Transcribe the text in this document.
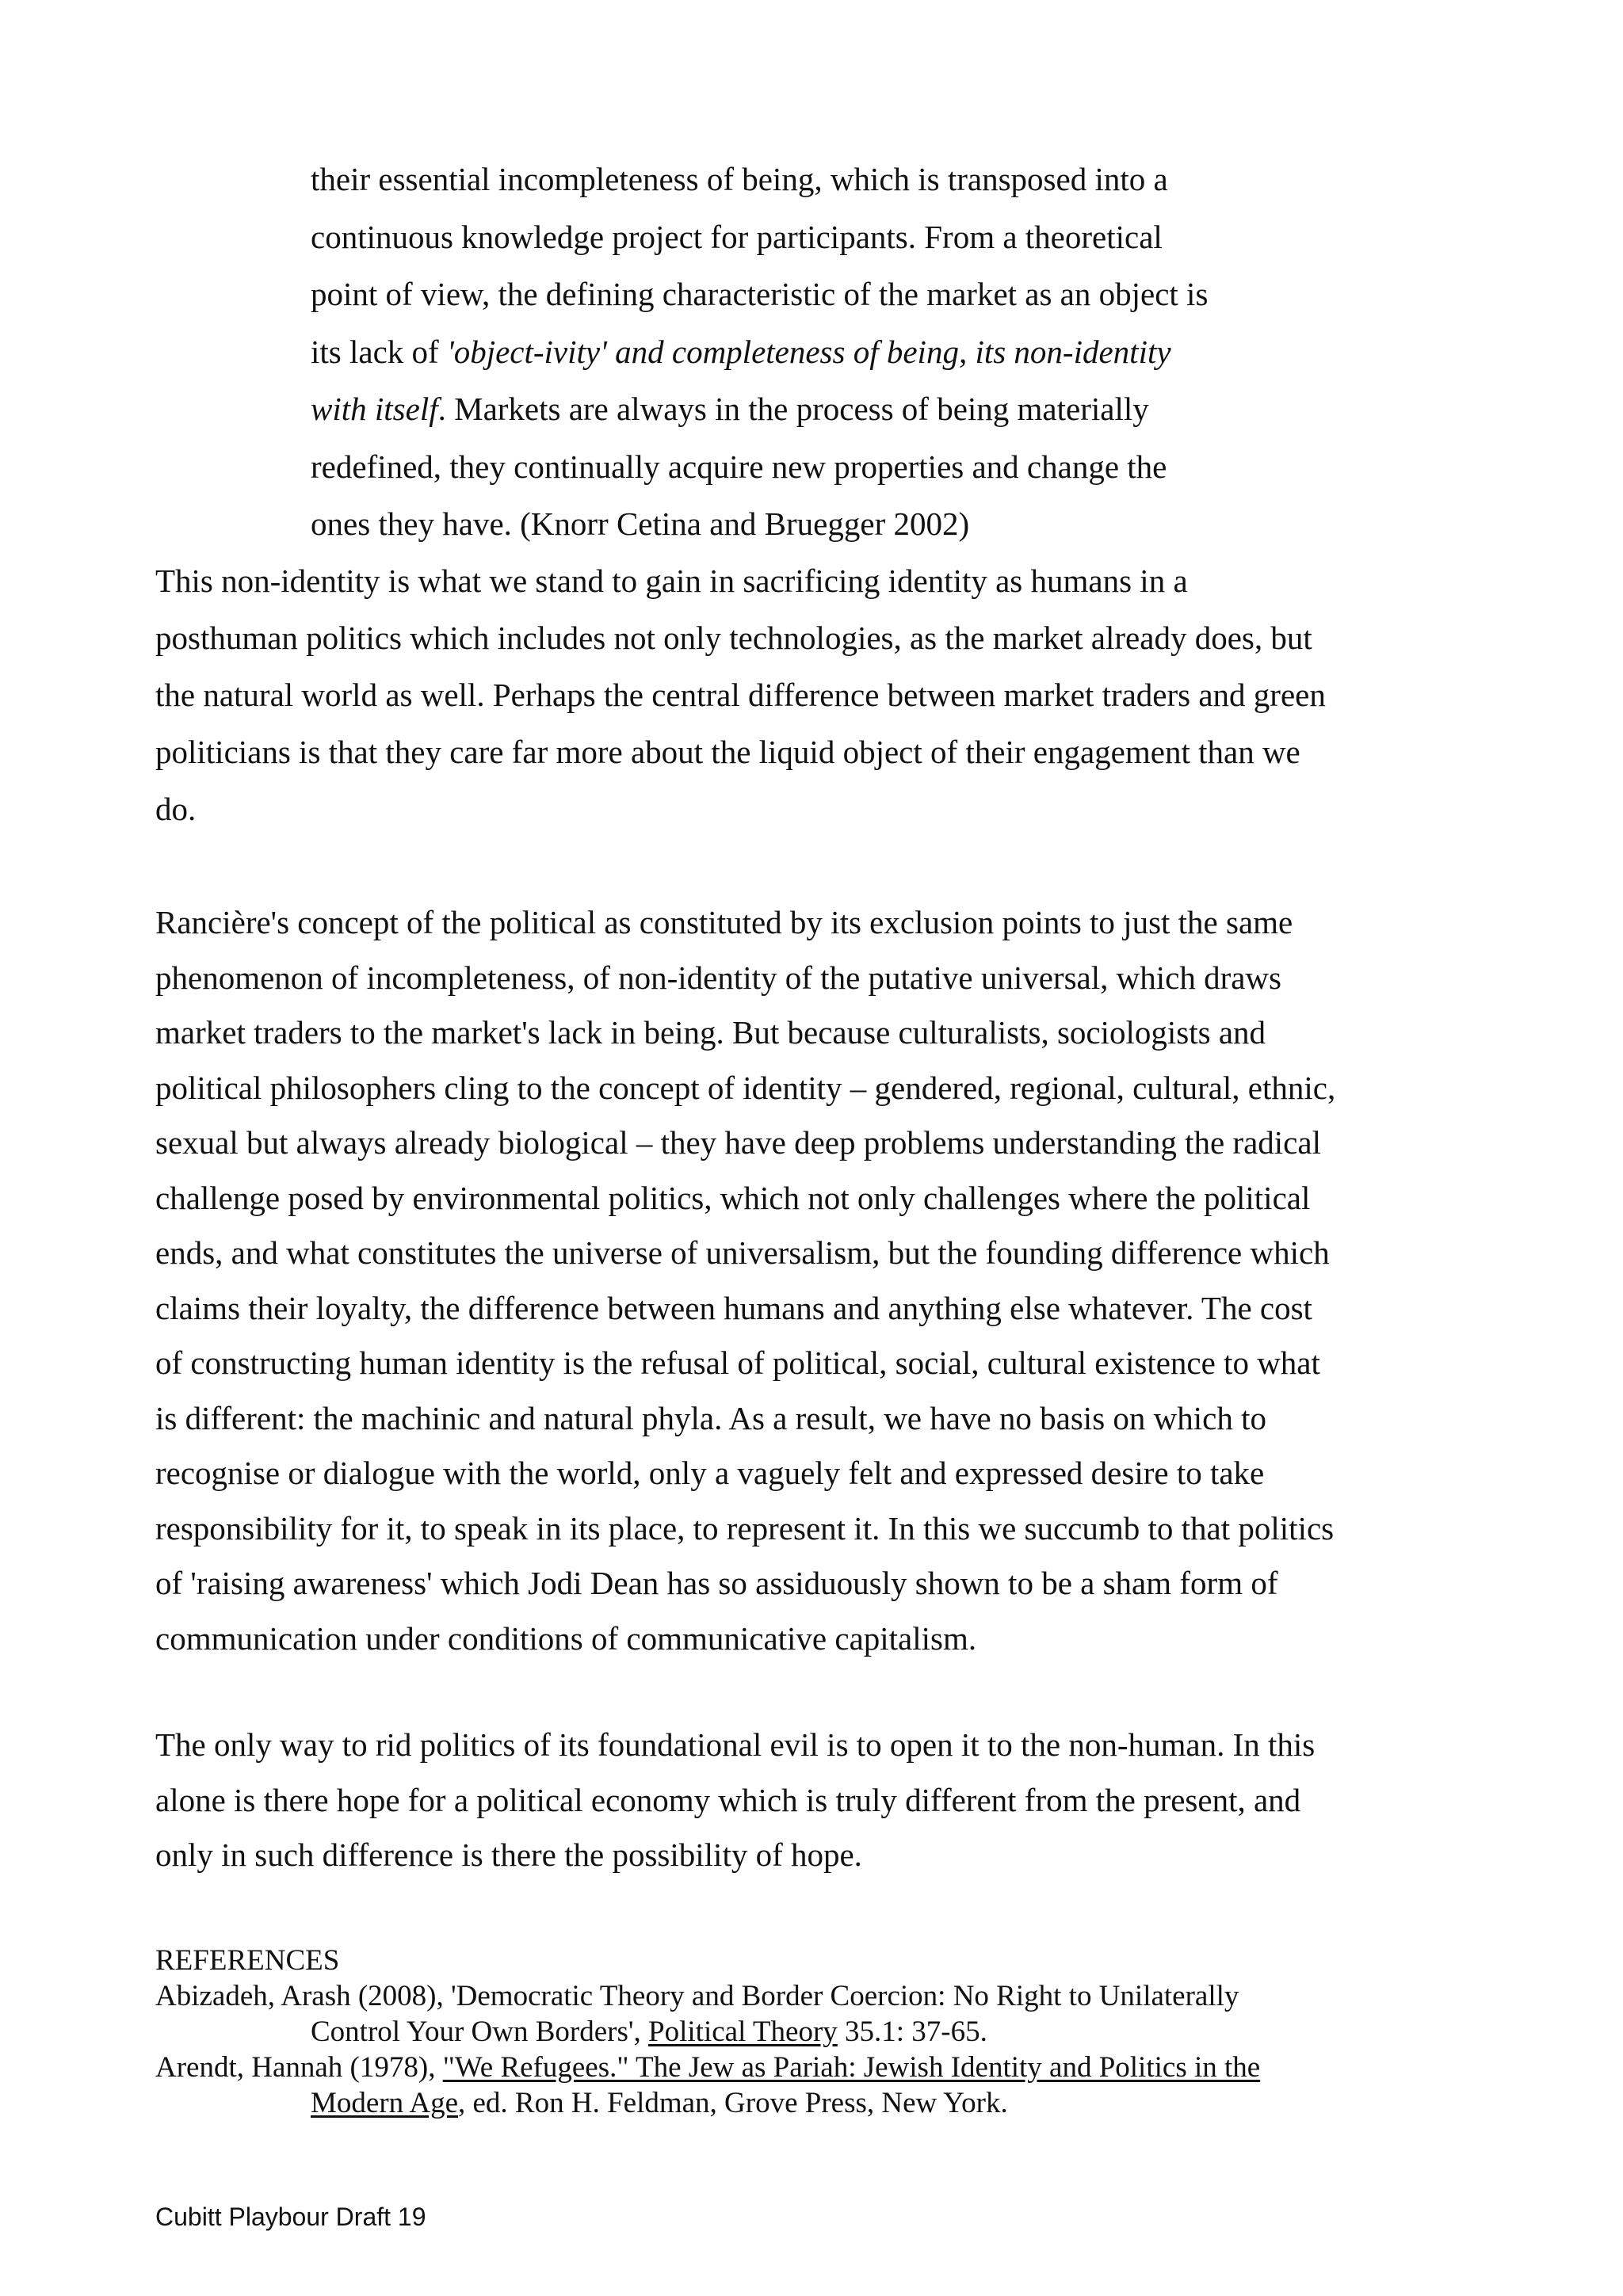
their essential incompleteness of being, which is transposed into a

continuous knowledge project for participants. From a theoretical

point of view, the defining characteristic of the market as an object is

its lack of 'object-ivity' and completeness of being, its non-identity

with itself. Markets are always in the process of being materially

redefined, they continually acquire new properties and change the

ones they have. (Knorr Cetina and Bruegger 2002)

This non-identity is what we stand to gain in sacrificing identity as humans in a

posthuman politics which includes not only technologies, as the market already does, but

the natural world as well. Perhaps the central difference between market traders and green

politicians is that they care far more about the liquid object of their engagement than we

do.

Rancière's concept of the political as constituted by its exclusion points to just the same

phenomenon of incompleteness, of non-identity of the putative universal, which draws

market traders to the market's lack in being. But because culturalists, sociologists and

political philosophers cling to the concept of identity – gendered, regional, cultural, ethnic,

sexual but always already biological – they have deep problems understanding the radical

challenge posed by environmental politics, which not only challenges where the political

ends, and what constitutes the universe of universalism, but the founding difference which

claims their loyalty, the difference between humans and anything else whatever. The cost

of constructing human identity is the refusal of political, social, cultural existence to what

is different: the machinic and natural phyla. As a result, we have no basis on which to

recognise or dialogue with the world, only a vaguely felt and expressed desire to take

responsibility for it, to speak in its place, to represent it. In this we succumb to that politics

of 'raising awareness' which Jodi Dean has so assiduously shown to be a sham form of

communication under conditions of communicative capitalism.

The only way to rid politics of its foundational evil is to open it to the non-human. In this

alone is there hope for a political economy which is truly different from the present, and

only in such difference is there the possibility of hope.

REFERENCES

Abizadeh, Arash (2008), 'Democratic Theory and Border Coercion: No Right to Unilaterally
Control Your Own Borders', Political Theory 35.1: 37-65.

Arendt, Hannah (1978), "We Refugees." The Jew as Pariah: Jewish Identity and Politics in the
Modern Age, ed. Ron H. Feldman, Grove Press, New York.

Cubitt Playbour Draft 19
